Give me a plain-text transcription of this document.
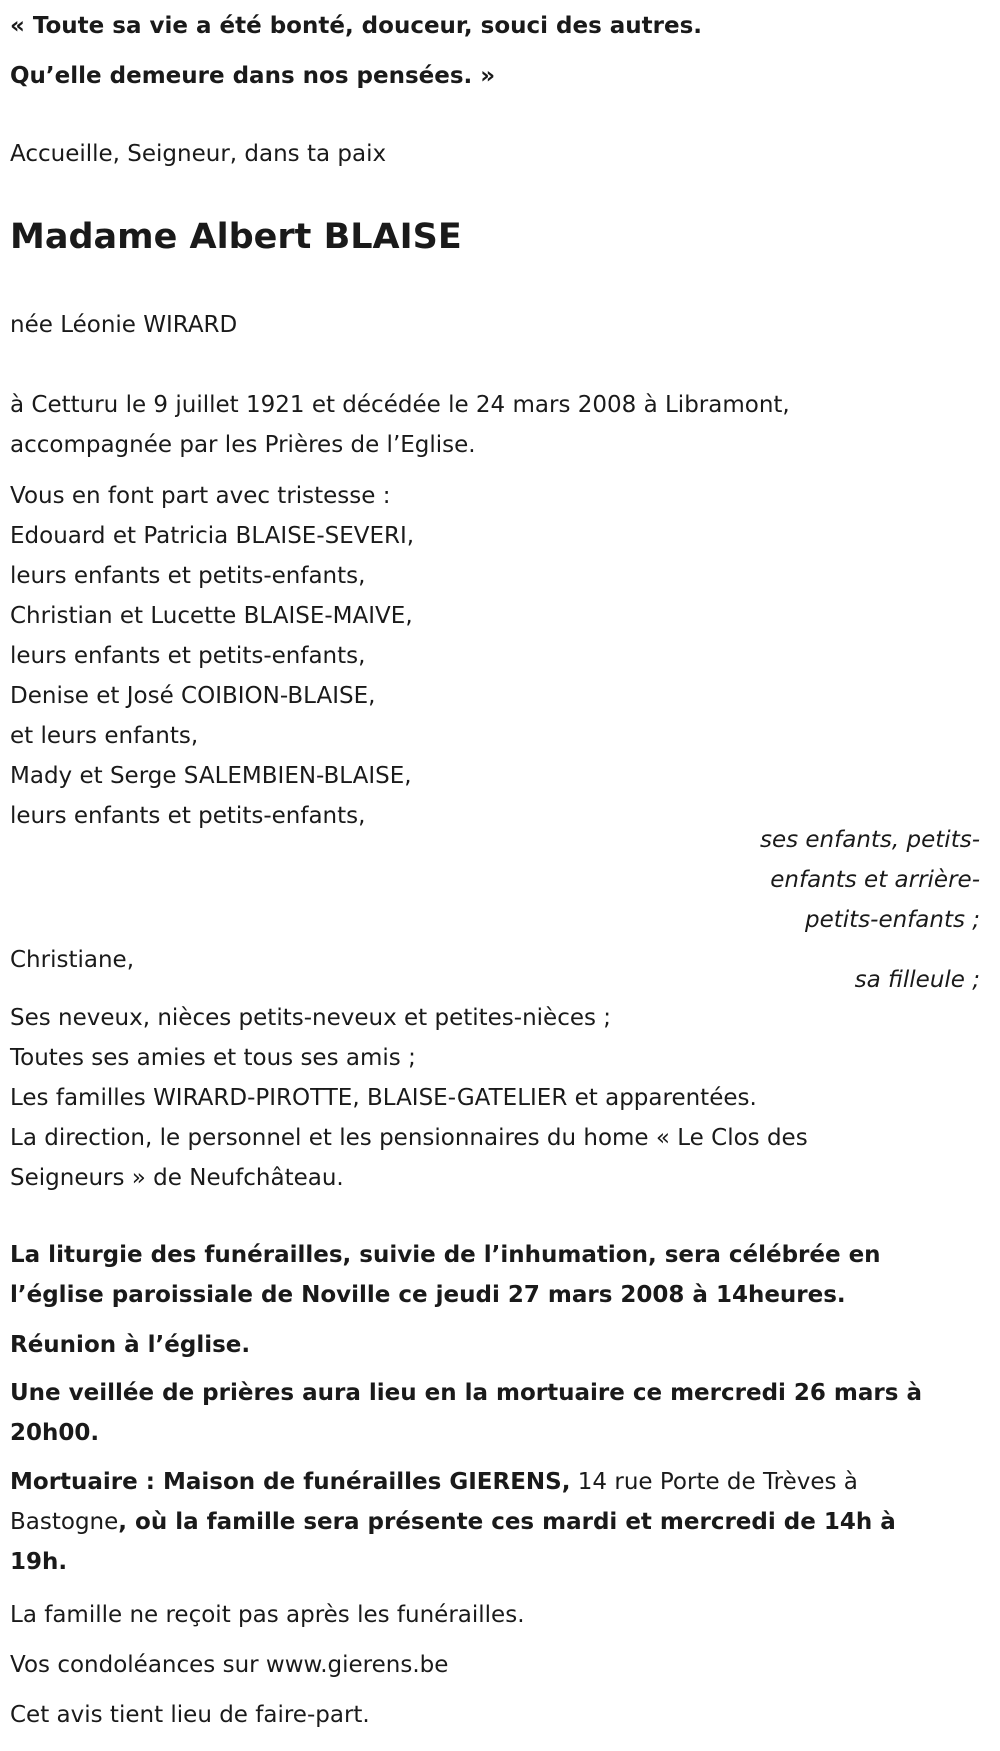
« Toute sa vie a été bonté, douceur, souci des autres.
Qu’elle demeure dans nos pensées. »
Accueille, Seigneur, dans ta paix
Madame Albert BLAISE
née Léonie WIRARD
à Cetturu le 9 juillet 1921 et décédée le 24 mars 2008 à Libramont,
accompagnée par les Prières de l’Eglise.
Vous en font part avec tristesse :
Edouard et Patricia BLAISE-SEVERI,
leurs enfants et petits-enfants,
Christian et Lucette BLAISE-MAIVE,
leurs enfants et petits-enfants,
Denise et José COIBION-BLAISE,
et leurs enfants,
Mady et Serge SALEMBIEN-BLAISE,
leurs enfants et petits-enfants,
ses enfants, petits-
enfants et arrière-
petits-enfants ;
Christiane,
sa filleule ;
Ses neveux, nièces petits-neveux et petites-nièces ;
Toutes ses amies et tous ses amis ;
Les familles WIRARD-PIROTTE, BLAISE-GATELIER et apparentées.
La direction, le personnel et les pensionnaires du home « Le Clos des
Seigneurs » de Neufchâteau.
La liturgie des funérailles, suivie de l’inhumation, sera célébrée en
l’église paroissiale de Noville ce jeudi 27 mars 2008 à 14heures.
Réunion à l’église.
Une veillée de prières aura lieu en la mortuaire ce mercredi 26 mars à
20h00.
Mortuaire : Maison de funérailles GIERENS, 14 rue Porte de Trèves à
Bastogne, où la famille sera présente ces mardi et mercredi de 14h à
19h.
La famille ne reçoit pas après les funérailles.
Vos condoléances sur www.gierens.be
Cet avis tient lieu de faire-part.
